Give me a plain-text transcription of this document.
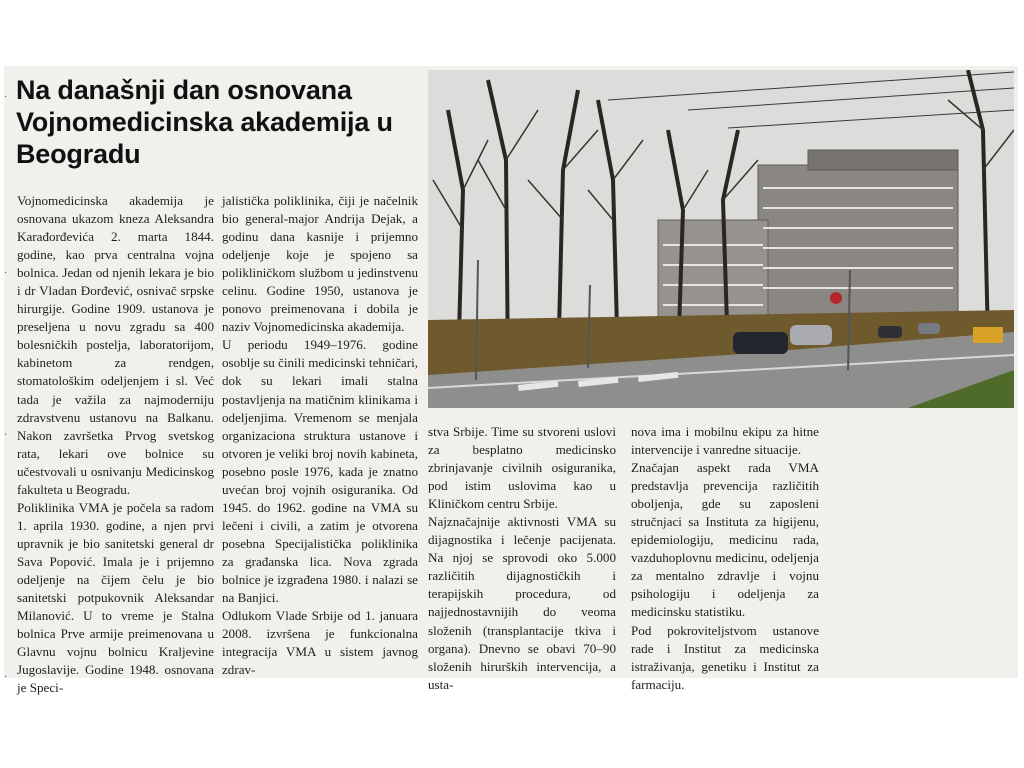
Na današnji dan osnovana Vojnomedicinska akademija u Beogradu

Vojnomedicinska akademija je osnovana ukazom kneza Aleksandra Karađorđevića 2. marta 1844. godine, kao prva centralna vojna bolnica. Jedan od njenih lekara je bio i dr Vladan Đorđević, osnivač srpske hirurgije. Godine 1909. ustanova je preseljena u novu zgradu sa 400 bolesničkih postelja, laboratorijom, kabinetom za rendgen, stomatološkim odeljenjem i sl. Već tada je važila za najmoderniju zdravstvenu ustanovu na Balkanu. Nakon završetka Prvog svetskog rata, lekari ove bolnice su učestvovali u osnivanju Medicinskog fakulteta u Beogradu.

Poliklinika VMA je počela sa radom 1. aprila 1930. godine, a njen prvi upravnik je bio sanitetski general dr Sava Popović. Imala je i prijemno odeljenje na čijem čelu je bio sanitetski potpukovnik Aleksandar Milanović. U to vreme je Stalna bolnica Prve armije preimenovana u Glavnu vojnu bolnicu Kraljevine Jugoslavije. Godine 1948. osnovana je Speci-

jalistička poliklinika, čiji je načelnik bio general-major Andrija Dejak, a godinu dana kasnije i prijemno odeljenje koje je spojeno sa polikliničkom službom u jedinstvenu celinu. Godine 1950, ustanova je ponovo preimenovana i dobila je naziv Vojnomedicinska akademija.

U periodu 1949–1976. godine osoblje su činili medicinski tehničari, dok su lekari imali stalna postavljenja na matičnim klinikama i odeljenjima. Vremenom se menjala organizaciona struktura ustanove i otvoren je veliki broj novih kabineta, posebno posle 1976, kada je znatno uvećan broj vojnih osiguranika. Od 1945. do 1962. godine na VMA su lečeni i civili, a zatim je otvorena posebna Specijalistička poliklinika za građanska lica. Nova zgrada bolnice je izgrađena 1980. i nalazi se na Banjici.

Odlukom Vlade Srbije od 1. januara 2008. izvršena je funkcionalna integracija VMA u sistem javnog zdrav-

stva Srbije. Time su stvoreni uslovi za besplatno medicinsko zbrinjavanje civilnih osiguranika, pod istim uslovima kao u Kliničkom centru Srbije.

Najznačajnije aktivnosti VMA su dijagnostika i lečenje pacijenata. Na njoj se sprovodi oko 5.000 različitih dijagnostičkih i terapijskih procedura, od najjednostavnijih do veoma složenih (transplantacije tkiva i organa). Dnevno se obavi 70–90 složenih hirurških intervencija, a usta-

nova ima i mobilnu ekipu za hitne intervencije i vanredne situacije.

Značajan aspekt rada VMA predstavlja prevencija različitih oboljenja, gde su zaposleni stručnjaci sa Instituta za higijenu, epidemiologiju, medicinu rada, vazduhoplovnu medicinu, odeljenja za mentalno zdravlje i vojnu psihologiju i odeljenja za medicinsku statistiku.

Pod pokroviteljstvom ustanove rade i Institut za medicinska istraživanja, genetiku i Institut za farmaciju.

·
·
·
·
